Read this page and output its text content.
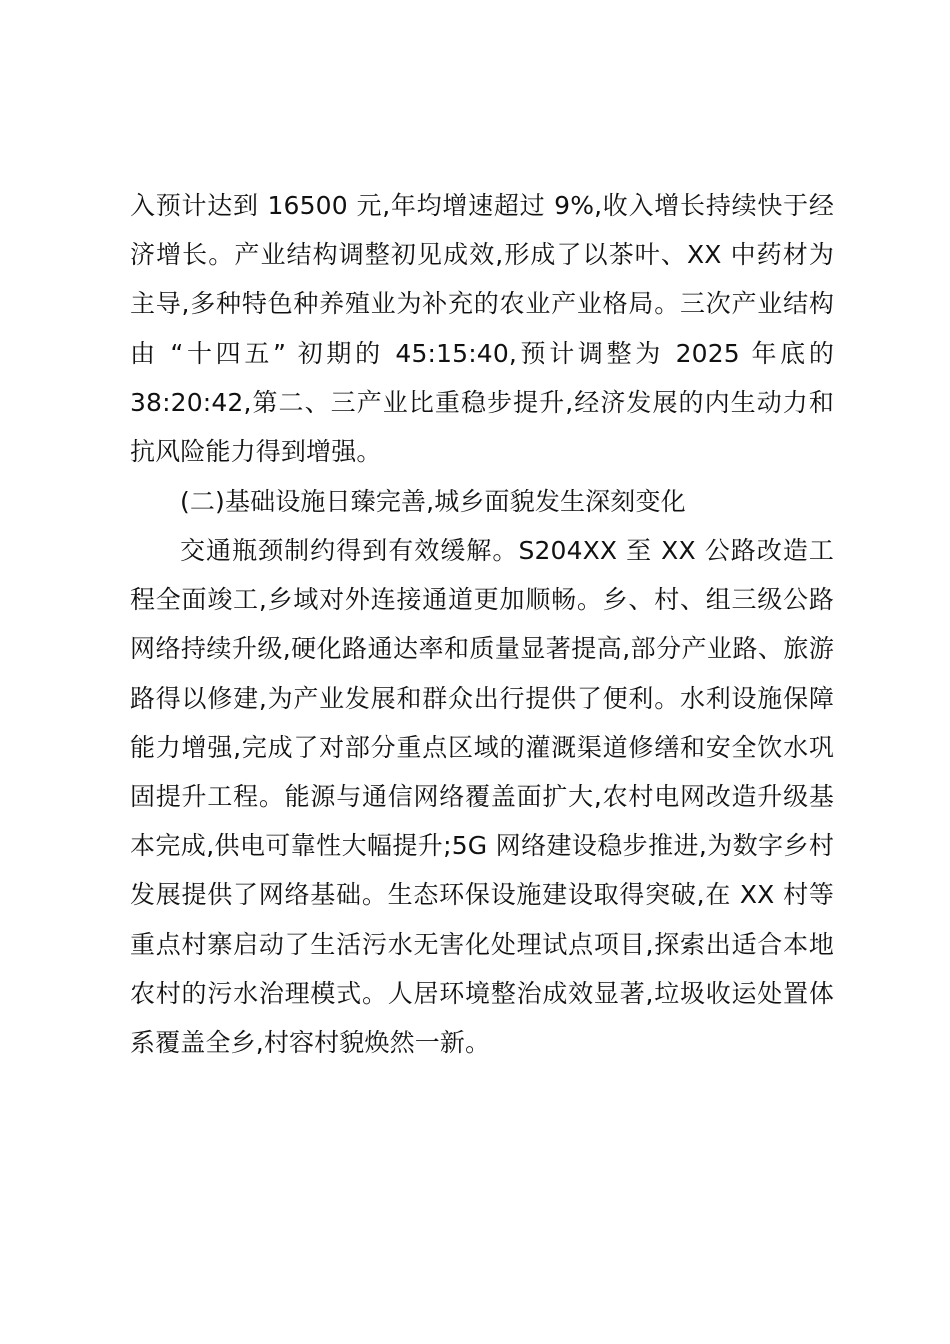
入预计达到 16500 元,年均增速超过 9%,收入增长持续快于经
济增长。产业结构调整初见成效,形成了以茶叶、XX 中药材为
主导,多种特色种养殖业为补充的农业产业格局。三次产业结构
由 “十四五” 初期的 45:15:40,预计调整为 2025 年底的
38:20:42,第二、三产业比重稳步提升,经济发展的内生动力和
抗风险能力得到增强。
(二)基础设施日臻完善,城乡面貌发生深刻变化
交通瓶颈制约得到有效缓解。S204XX 至 XX 公路改造工
程全面竣工,乡域对外连接通道更加顺畅。乡、村、组三级公路
网络持续升级,硬化路通达率和质量显著提高,部分产业路、旅游
路得以修建,为产业发展和群众出行提供了便利。水利设施保障
能力增强,完成了对部分重点区域的灌溉渠道修缮和安全饮水巩
固提升工程。能源与通信网络覆盖面扩大,农村电网改造升级基
本完成,供电可靠性大幅提升;5G 网络建设稳步推进,为数字乡村
发展提供了网络基础。生态环保设施建设取得突破,在 XX 村等
重点村寨启动了生活污水无害化处理试点项目,探索出适合本地
农村的污水治理模式。人居环境整治成效显著,垃圾收运处置体
系覆盖全乡,村容村貌焕然一新。
